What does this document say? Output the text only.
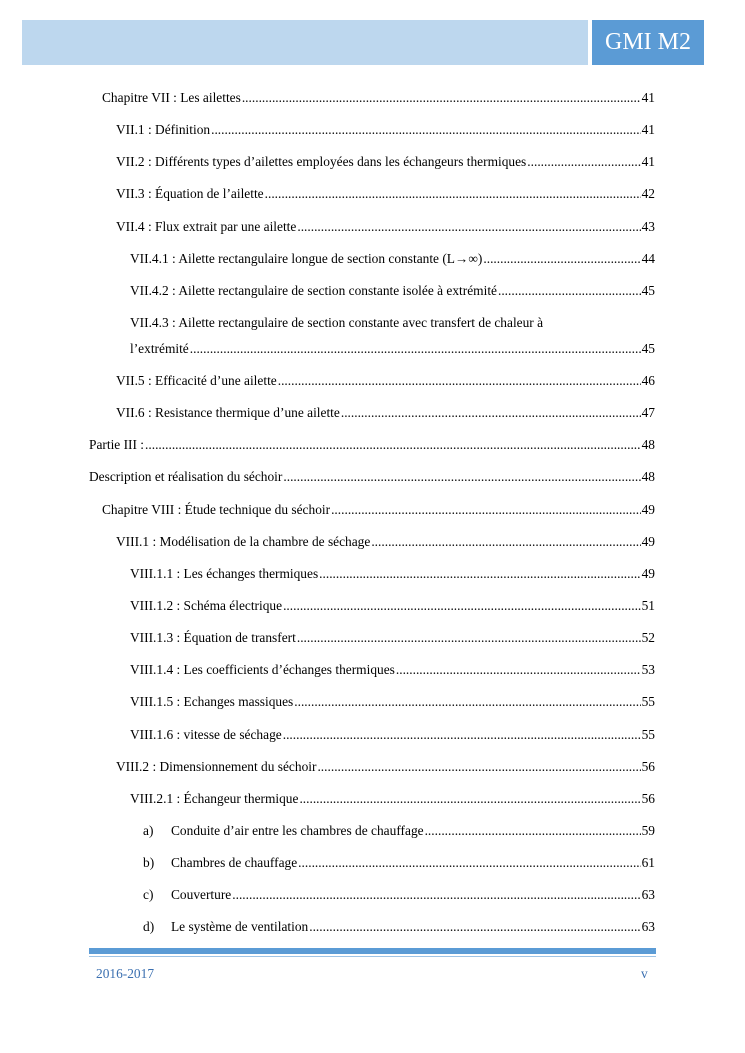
GMI M2
Chapitre VII : Les ailettes .....	41
VII.1 : Définition .....	41
VII.2 : Différents types d’ailettes employées dans les échangeurs thermiques .....	41
VII.3 : Équation de l’ailette .....	42
VII.4 : Flux extrait par une ailette .....	43
VII.4.1 : Ailette rectangulaire longue de section constante (L→∞) .....	44
VII.4.2 : Ailette rectangulaire de section constante isolée à extrémité .....	45
VII.4.3 : Ailette rectangulaire de section constante avec transfert de chaleur à
l’extrémité .....	45
VII.5 : Efficacité d’une ailette .....	46
VII.6 : Resistance thermique d’une ailette .....	47
Partie III : .....	48
Description et réalisation du séchoir .....	48
Chapitre VIII : Étude technique du séchoir .....	49
VIII.1 : Modélisation de la chambre de séchage .....	49
VIII.1.1 : Les échanges thermiques .....	49
VIII.1.2 : Schéma électrique .....	51
VIII.1.3 : Équation de transfert .....	52
VIII.1.4 : Les coefficients d’échanges thermiques .....	53
VIII.1.5 : Echanges massiques .....	55
VIII.1.6 : vitesse de séchage .....	55
VIII.2 : Dimensionnement du séchoir .....	56
VIII.2.1 : Échangeur thermique .....	56
a) Conduite d’air entre les chambres de chauffage .....	59
b) Chambres de chauffage .....	61
c) Couverture .....	63
d) Le système de ventilation .....	63
2016-2017	v
